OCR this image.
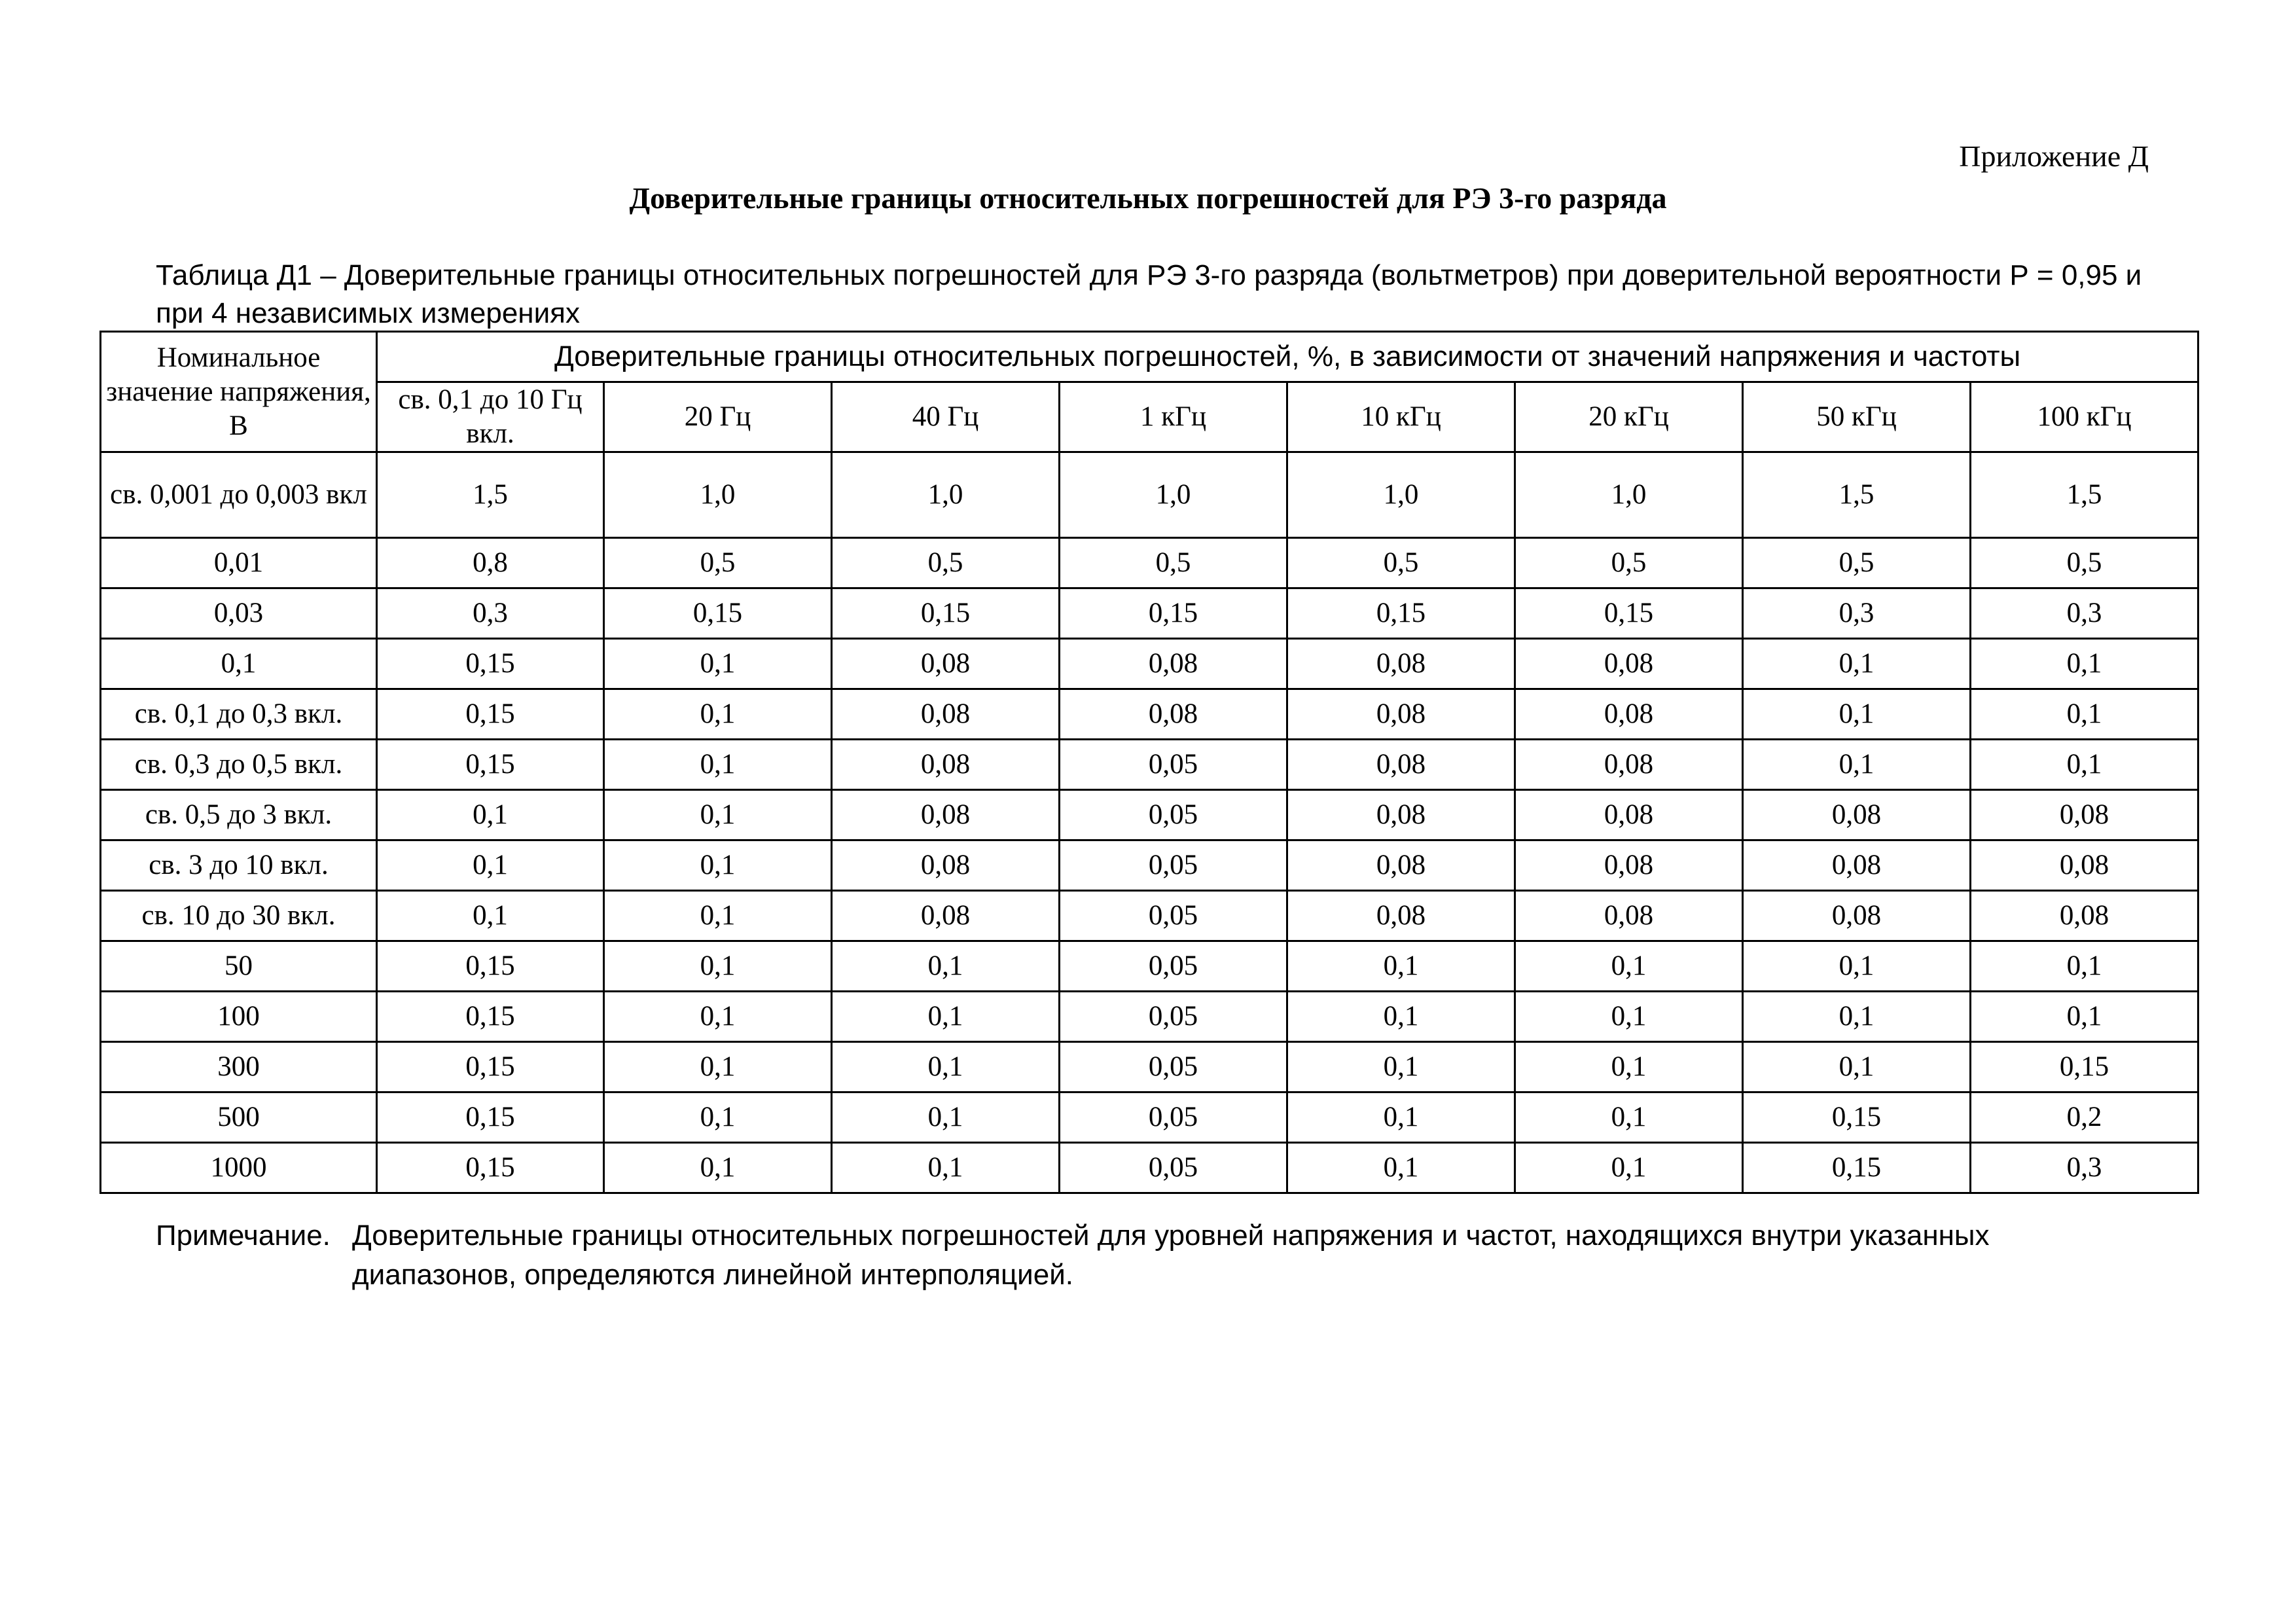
Приложение Д
Доверительные границы относительных погрешностей для РЭ 3-го разряда
Таблица Д1 – Доверительные границы относительных погрешностей для РЭ 3-го разряда (вольтметров) при доверительной вероятности Р = 0,95 и при 4 независимых измерениях
Номинальное значение напряжения, В	Доверительные границы относительных погрешностей, %, в зависимости от значений напряжения и частоты							
	св. 0,1 до 10 Гц вкл.	20 Гц	40 Гц	1 кГц	10 кГц	20 кГц	50 кГц	100 кГц
св. 0,001 до 0,003 вкл	1,5	1,0	1,0	1,0	1,0	1,0	1,5	1,5
0,01	0,8	0,5	0,5	0,5	0,5	0,5	0,5	0,5
0,03	0,3	0,15	0,15	0,15	0,15	0,15	0,3	0,3
0,1	0,15	0,1	0,08	0,08	0,08	0,08	0,1	0,1
св. 0,1 до 0,3 вкл.	0,15	0,1	0,08	0,08	0,08	0,08	0,1	0,1
св. 0,3 до 0,5 вкл.	0,15	0,1	0,08	0,05	0,08	0,08	0,1	0,1
св. 0,5 до 3 вкл.	0,1	0,1	0,08	0,05	0,08	0,08	0,08	0,08
св. 3 до 10 вкл.	0,1	0,1	0,08	0,05	0,08	0,08	0,08	0,08
св. 10 до 30 вкл.	0,1	0,1	0,08	0,05	0,08	0,08	0,08	0,08
50	0,15	0,1	0,1	0,05	0,1	0,1	0,1	0,1
100	0,15	0,1	0,1	0,05	0,1	0,1	0,1	0,1
300	0,15	0,1	0,1	0,05	0,1	0,1	0,1	0,15
500	0,15	0,1	0,1	0,05	0,1	0,1	0,15	0,2
1000	0,15	0,1	0,1	0,05	0,1	0,1	0,15	0,3
Примечание. Доверительные границы относительных погрешностей для уровней напряжения и частот, находящихся внутри указанных диапазонов, определяются линейной интерполяцией.
